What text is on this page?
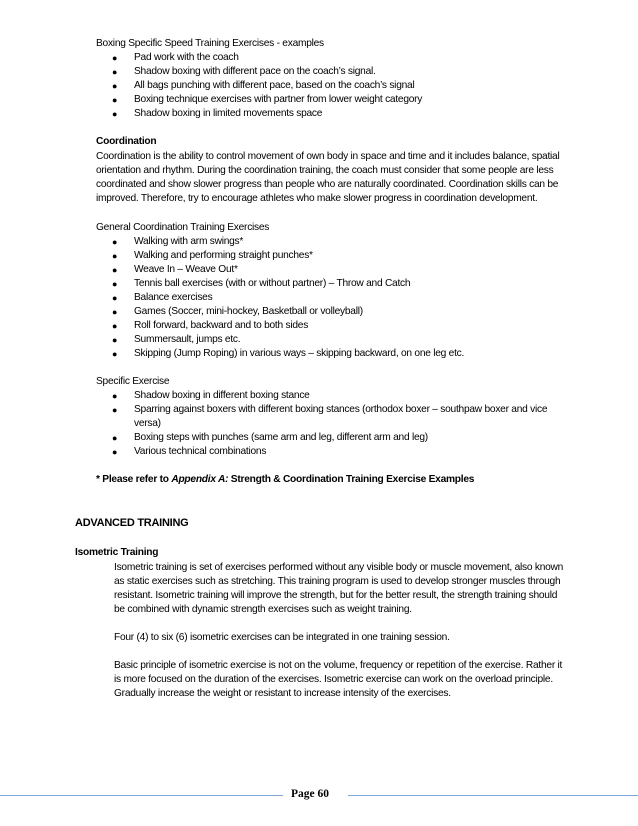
Boxing Specific Speed Training Exercises - examples
● Pad work with the coach
● Shadow boxing with different pace on the coach’s signal.
● All bags punching with different pace, based on the coach’s signal
● Boxing technique exercises with partner from lower weight category
● Shadow boxing in limited movements space
Coordination
Coordination is the ability to control movement of own body in space and time and it includes balance, spatial
orientation and rhythm. During the coordination training, the coach must consider that some people are less
coordinated and show slower progress than people who are naturally coordinated. Coordination skills can be
improved. Therefore, try to encourage athletes who make slower progress in coordination development.
General Coordination Training Exercises
● Walking with arm swings*
● Walking and performing straight punches*
● Weave In – Weave Out*
● Tennis ball exercises (with or without partner) – Throw and Catch
● Balance exercises
● Games (Soccer, mini-hockey, Basketball or volleyball)
● Roll forward, backward and to both sides
● Summersault, jumps etc.
● Skipping (Jump Roping) in various ways – skipping backward, on one leg etc.
Specific Exercise
● Shadow boxing in different boxing stance
● Sparring against boxers with different boxing stances (orthodox boxer – southpaw boxer and vice
versa)
● Boxing steps with punches (same arm and leg, different arm and leg)
● Various technical combinations
* Please refer to Appendix A: Strength & Coordination Training Exercise Examples
ADVANCED TRAINING
Isometric Training
Isometric training is set of exercises performed without any visible body or muscle movement, also known
as static exercises such as stretching. This training program is used to develop stronger muscles through
resistant. Isometric training will improve the strength, but for the better result, the strength training should
be combined with dynamic strength exercises such as weight training.
Four (4) to six (6) isometric exercises can be integrated in one training session.
Basic principle of isometric exercise is not on the volume, frequency or repetition of the exercise. Rather it
is more focused on the duration of the exercises. Isometric exercise can work on the overload principle.
Gradually increase the weight or resistant to increase intensity of the exercises.
Page 60
